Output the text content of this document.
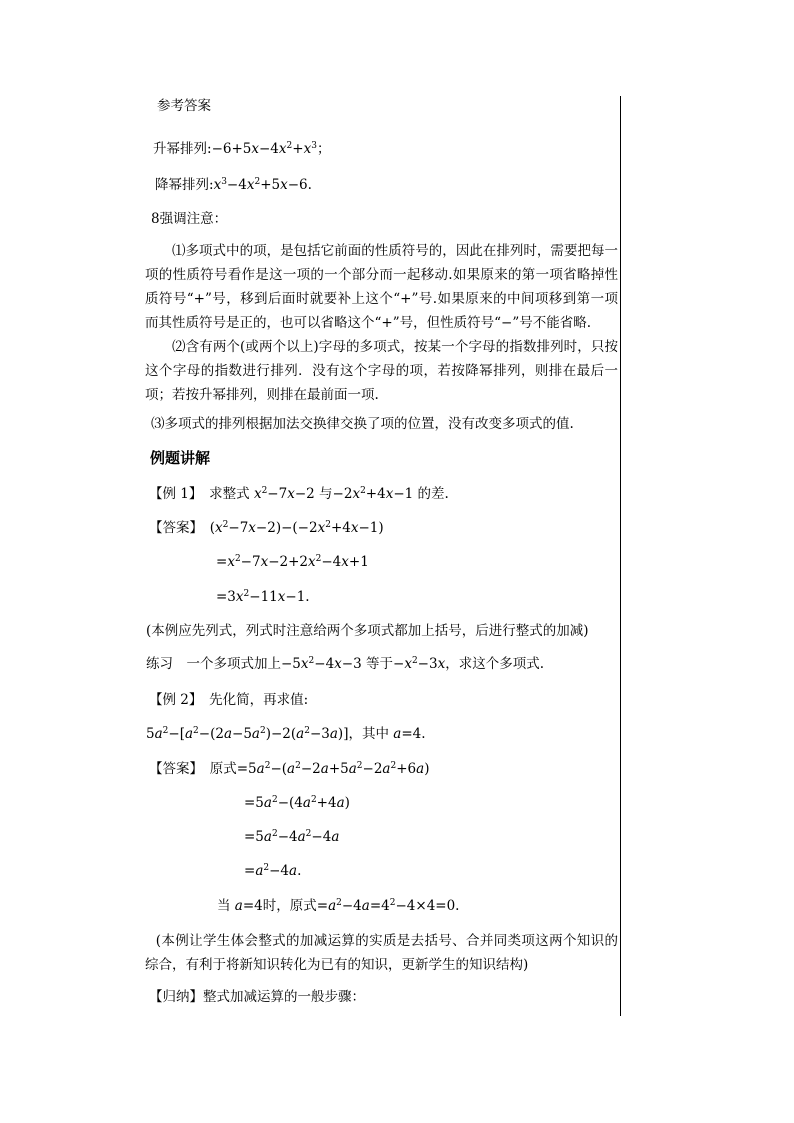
参考答案
升幂排列$:-6+5x-4x^2+x^3$；
降幂排列$:x^3-4x^2+5x-6$.
8强调注意：
⑴多项式中的项，是包括它前面的性质符号的，因此在排列时，需要把每一项的性质符号看作是这一项的一个部分而一起移动.如果原来的第一项省略掉性质符号“+”号，移到后面时就要补上这个“+”号.如果原来的中间项移到第一项而其性质符号是正的，也可以省略这个“+”号，但性质符号“−”号不能省略.
⑵含有两个(或两个以上)字母的多项式，按某一个字母的指数排列时，只按这个字母的指数进行排列．没有这个字母的项，若按降幂排列，则排在最后一项；若按升幂排列，则排在最前面一项.
⑶多项式的排列根据加法交换律交换了项的位置，没有改变多项式的值.
例题讲解
【例 1】　 求整式 $x^2-7x-2$ 与$-2x^2+4x-1$ 的差.
【答案】　$(x^2-7x-2)-(-2x^2+4x-1)$
$=x^2-7x-2+2x^2-4x+1$
$=3x^2-11x-1$.
(本例应先列式，列式时注意给两个多项式都加上括号，后进行整式的加减)
练习　一个多项式加上$-5x^2-4x-3$ 等于$-x^2-3x$，求这个多项式.
【例 2】　 先化简，再求值:
$5a^2-[a^2-(2a-5a^2)-2(a^2-3a)]$，其中 a=4.
【答案】　 原式$=5a^2-(a^2-2a+5a^2-2a^2+6a)$
$=5a^2-(4a^2+4a)$
$=5a^2-4a^2-4a$
$=a^2-4a$.
当 a=4时，原式$=a^2-4a=4^2-4\times 4=0$.
(本例让学生体会整式的加减运算的实质是去括号、合并同类项这两个知识的综合，有利于将新知识转化为已有的知识，更新学生的知识结构)
【归纳】整式加减运算的一般步骤：
